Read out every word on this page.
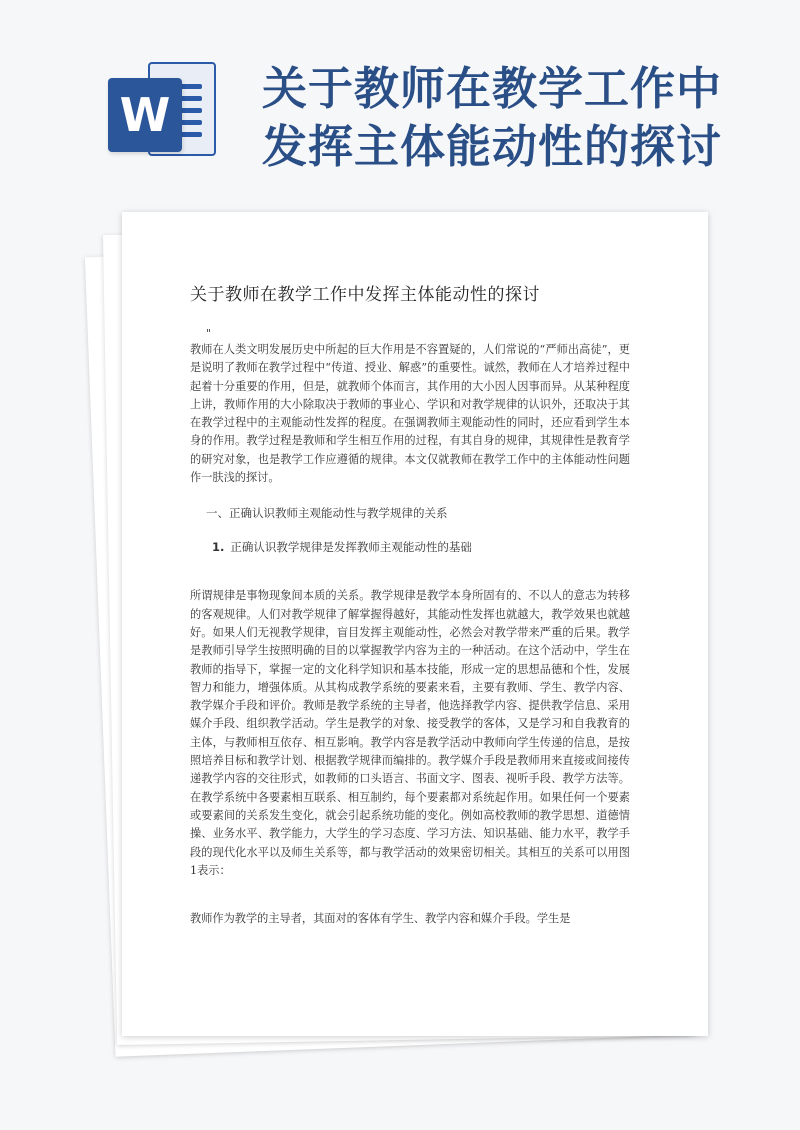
W 关于教师在教学工作中
发挥主体能动性的探讨
关于教师在教学工作中发挥主体能动性的探讨
"

教师在人类文明发展历史中所起的巨大作用是不容置疑的，人们常说的“严师出高徒”，更是说明了教师在教学过程中“传道、授业、解惑”的重要性。诚然，教师在人才培养过程中起着十分重要的作用，但是，就教师个体而言，其作用的大小因人因事而异。从某种程度上讲，教师作用的大小除取决于教师的事业心、学识和对教学规律的认识外，还取决于其在教学过程中的主观能动性发挥的程度。在强调教师主观能动性的同时，还应看到学生本身的作用。教学过程是教师和学生相互作用的过程，有其自身的规律，其规律性是教育学的研究对象，也是教学工作应遵循的规律。本文仅就教师在教学工作中的主体能动性问题作一肤浅的探讨。

一、正确认识教师主观能动性与教学规律的关系
1. 正确认识教学规律是发挥教师主观能动性的基础

所谓规律是事物现象间本质的关系。教学规律是教学本身所固有的、不以人的意志为转移的客观规律。人们对教学规律了解掌握得越好，其能动性发挥也就越大，教学效果也就越好。如果人们无视教学规律，盲目发挥主观能动性，必然会对教学带来严重的后果。教学是教师引导学生按照明确的目的以掌握教学内容为主的一种活动。在这个活动中，学生在教师的指导下，掌握一定的文化科学知识和基本技能，形成一定的思想品德和个性，发展智力和能力，增强体质。从其构成教学系统的要素来看，主要有教师、学生、教学内容、教学媒介手段和评价。教师是教学系统的主导者，他选择教学内容、提供教学信息、采用媒介手段、组织教学活动。学生是教学的对象、接受教学的客体，又是学习和自我教育的主体，与教师相互依存、相互影响。教学内容是教学活动中教师向学生传递的信息，是按照培养目标和教学计划、根据教学规律而编排的。教学媒介手段是教师用来直接或间接传递教学内容的交往形式，如教师的口头语言、书面文字、图表、视听手段、教学方法等。在教学系统中各要素相互联系、相互制约，每个要素都对系统起作用。如果任何一个要素或要素间的关系发生变化，就会引起系统功能的变化。例如高校教师的教学思想、道德情操、业务水平、教学能力，大学生的学习态度、学习方法、知识基础、能力水平，教学手段的现代化水平以及师生关系等，都与教学活动的效果密切相关。其相互的关系可以用图1表示：

教师作为教学的主导者，其面对的客体有学生、教学内容和媒介手段。学生是
